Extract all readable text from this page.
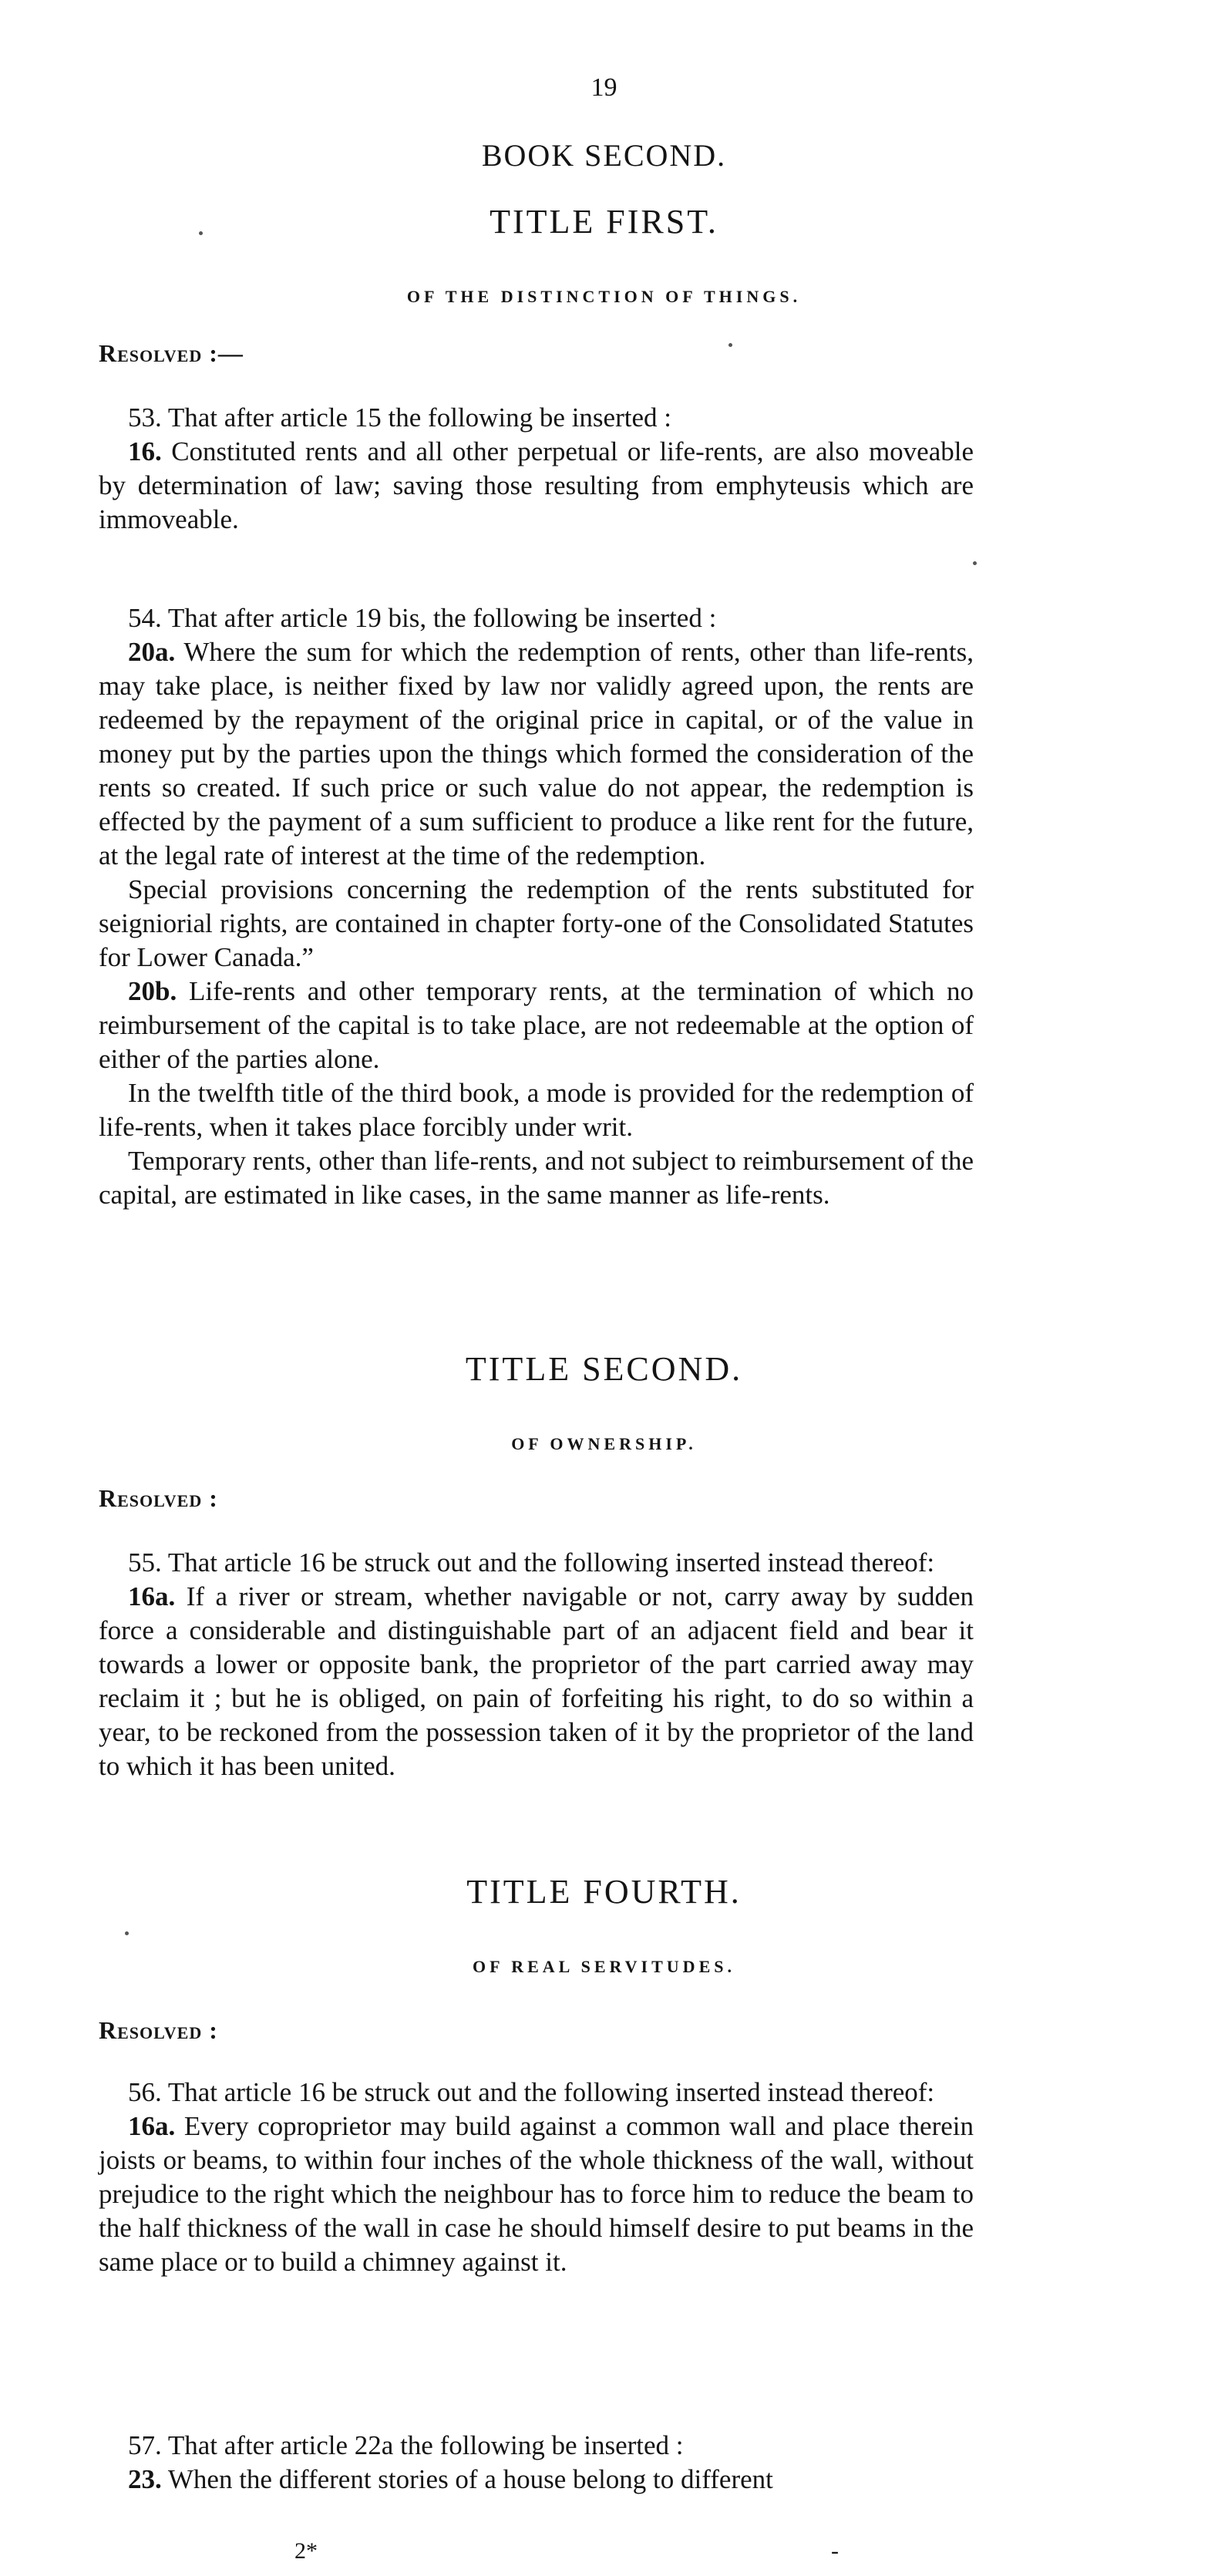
19
BOOK SECOND.
TITLE FIRST.
OF THE DISTINCTION OF THINGS.
Resolved :—

53. That after article 15 the following be inserted :

16. Constituted rents and all other perpetual or life-rents, are also moveable by determination of law; saving those resulting from emphyteusis which are immoveable.

54. That after article 19 bis, the following be inserted :

20a. Where the sum for which the redemption of rents, other than life-rents, may take place, is neither fixed by law nor validly agreed upon, the rents are redeemed by the repayment of the original price in capital, or of the value in money put by the parties upon the things which formed the consideration of the rents so created. If such price or such value do not appear, the redemption is effected by the payment of a sum sufficient to produce a like rent for the future, at the legal rate of interest at the time of the redemption.

Special provisions concerning the redemption of the rents substituted for seigniorial rights, are contained in chapter forty-one of the Consolidated Statutes for Lower Canada.”

20b. Life-rents and other temporary rents, at the termination of which no reimbursement of the capital is to take place, are not redeemable at the option of either of the parties alone.

In the twelfth title of the third book, a mode is provided for the redemption of life-rents, when it takes place forcibly under writ.

Temporary rents, other than life-rents, and not subject to reimbursement of the capital, are estimated in like cases, in the same manner as life-rents.

TITLE SECOND.
OF OWNERSHIP.
Resolved :

55. That article 16 be struck out and the following inserted instead thereof:

16a. If a river or stream, whether navigable or not, carry away by sudden force a considerable and distinguishable part of an adjacent field and bear it towards a lower or opposite bank, the proprietor of the part carried away may reclaim it ; but he is obliged, on pain of forfeiting his right, to do so within a year, to be reckoned from the possession taken of it by the proprietor of the land to which it has been united.

TITLE FOURTH.
OF REAL SERVITUDES.
Resolved :

56. That article 16 be struck out and the following inserted instead thereof:

16a. Every coproprietor may build against a common wall and place therein joists or beams, to within four inches of the whole thickness of the wall, without prejudice to the right which the neighbour has to force him to reduce the beam to the half thickness of the wall in case he should himself desire to put beams in the same place or to build a chimney against it.

57. That after article 22a the following be inserted :

23. When the different stories of a house belong to different

2*	-
